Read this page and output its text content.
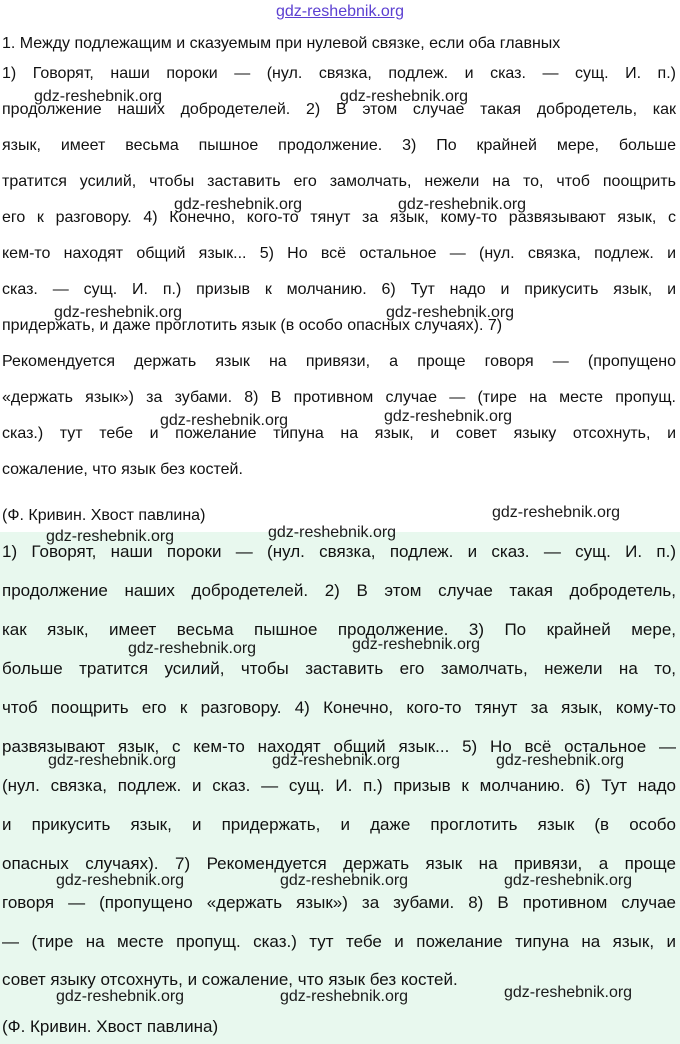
gdz-reshebnik.org
1. Между подлежащим и сказуемым при нулевой связке, если оба главных
1) Говорят, наши пороки — (нул. связка, подлеж. и сказ. — сущ. И. п.)
продолжение наших добродетелей. 2) В этом случае такая добродетель, как
язык, имеет весьма пышное продолжение. 3) По крайней мере, больше
тратится усилий, чтобы заставить его замолчать, нежели на то, чтоб поощрить
его к разговору. 4) Конечно, кого-то тянут за язык, кому-то развязывают язык, с
кем-то находят общий язык... 5) Но всё остальное — (нул. связка, подлеж. и
сказ. — сущ. И. п.) призыв к молчанию. 6) Тут надо и прикусить язык, и
придержать, и даже проглотить язык (в особо опасных случаях). 7)
Рекомендуется держать язык на привязи, а проще говоря — (пропущено
«держать язык») за зубами. 8) В противном случае — (тире на месте пропущ.
сказ.) тут тебе и пожелание типуна на язык, и совет языку отсохнуть, и
сожаление, что язык без костей.
(Ф. Кривин. Хвост павлина)
1) Говорят, наши пороки — (нул. связка, подлеж. и сказ. — сущ. И. п.)
продолжение наших добродетелей. 2) В этом случае такая добродетель,
как язык, имеет весьма пышное продолжение. 3) По крайней мере,
больше тратится усилий, чтобы заставить его замолчать, нежели на то,
чтоб поощрить его к разговору. 4) Конечно, кого-то тянут за язык, кому-то
развязывают язык, с кем-то находят общий язык... 5) Но всё остальное —
(нул. связка, подлеж. и сказ. — сущ. И. п.) призыв к молчанию. 6) Тут надо
и прикусить язык, и придержать, и даже проглотить язык (в особо
опасных случаях). 7) Рекомендуется держать язык на привязи, а проще
говоря — (пропущено «держать язык») за зубами. 8) В противном случае
— (тире на месте пропущ. сказ.) тут тебе и пожелание типуна на язык, и
совет языку отсохнуть, и сожаление, что язык без костей.
(Ф. Кривин. Хвост павлина)
gdz-reshebnik.org	gdz-reshebnik.org
gdz-reshebnik.org	gdz-reshebnik.org
gdz-reshebnik.org	gdz-reshebnik.org
gdz-reshebnik.org	gdz-reshebnik.org
gdz-reshebnik.org
gdz-reshebnik.org	gdz-reshebnik.org
gdz-reshebnik.org	gdz-reshebnik.org
gdz-reshebnik.org	gdz-reshebnik.org	gdz-reshebnik.org
gdz-reshebnik.org	gdz-reshebnik.org	gdz-reshebnik.org
gdz-reshebnik.org	gdz-reshebnik.org	gdz-reshebnik.org
